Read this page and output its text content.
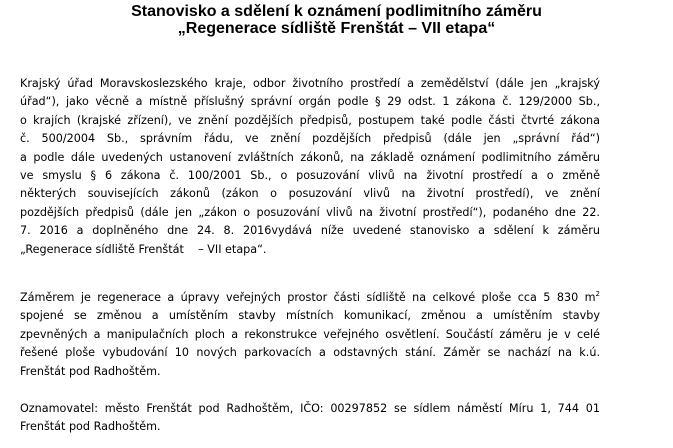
Stanovisko a sdělení k oznámení podlimitního záměru
„Regenerace sídliště Frenštát – VII etapa“
Krajský úřad Moravskoslezského kraje, odbor životního prostředí a zemědělství (dále jen „krajský
úřad“), jako věcně a místně příslušný správní orgán podle § 29 odst. 1 zákona č. 129/2000 Sb.,
o krajích (krajské zřízení), ve znění pozdějších předpisů, postupem také podle části čtvrté zákona
č. 500/2004 Sb., správním řádu, ve znění pozdějších předpisů (dále jen „správní řád“)
a podle dále uvedených ustanovení zvláštních zákonů, na základě oznámení podlimitního záměru
ve smyslu § 6 zákona č. 100/2001 Sb., o posuzování vlivů na životní prostředí a o změně
některých souvisejících zákonů (zákon o posuzování vlivů na životní prostředí), ve znění
pozdějších předpisů (dále jen „zákon o posuzování vlivů na životní prostředí“), podaného dne 22.
7. 2016 a doplněného dne 24. 8. 2016vydává níže uvedené stanovisko a sdělení k záměru
„Regenerace sídliště Frenštát    – VII etapa“.
Záměrem je regenerace a úpravy veřejných prostor části sídliště na celkové ploše cca 5 830 $m^2$
spojené se změnou a umístěním stavby místních komunikací, změnou a umístěním stavby
zpevněných a manipulačních ploch a rekonstrukce veřejného osvětlení. Součástí záměru je v celé
řešené ploše vybudování 10 nových parkovacích a odstavných stání. Záměr se nachází na k.ú.
Frenštát pod Radhoštěm.
Oznamovatel: město Frenštát pod Radhoštěm, IČO: 00297852 se sídlem náměstí Míru 1, 744 01
Frenštát pod Radhoštěm.
